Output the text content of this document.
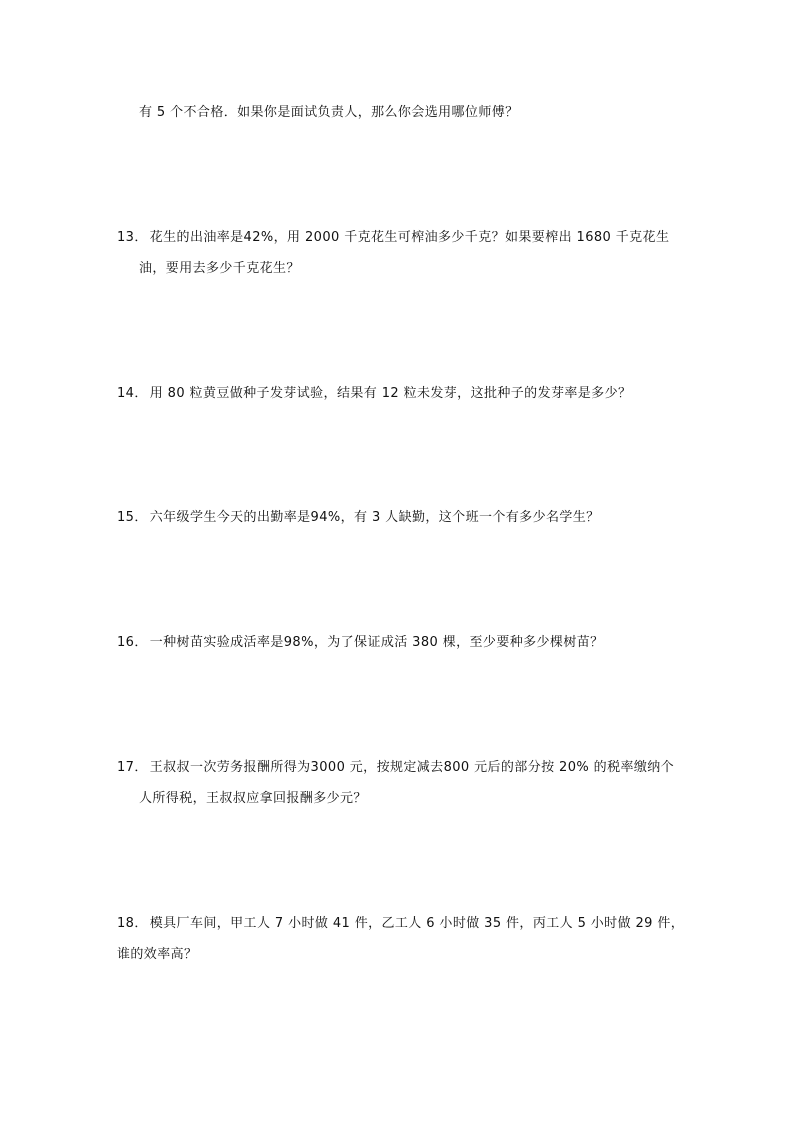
有 5 个不合格．如果你是面试负责人，那么你会选用哪位师傅？
13． 花生的出油率是42%，用 2000 千克花生可榨油多少千克？如果要榨出 1680 千克花生
油，要用去多少千克花生？
14． 用 80 粒黄豆做种子发芽试验，结果有 12 粒未发芽，这批种子的发芽率是多少？
15． 六年级学生今天的出勤率是94%，有 3 人缺勤，这个班一个有多少名学生？
16． 一种树苗实验成活率是98%，为了保证成活 380 棵，至少要种多少棵树苗？
17． 王叔叔一次劳务报酬所得为3000 元，按规定减去800 元后的部分按 20% 的税率缴纳个
人所得税，王叔叔应拿回报酬多少元？
18． 模具厂车间，甲工人 7 小时做 41 件，乙工人 6 小时做 35 件，丙工人 5 小时做 29 件，
谁的效率高？
